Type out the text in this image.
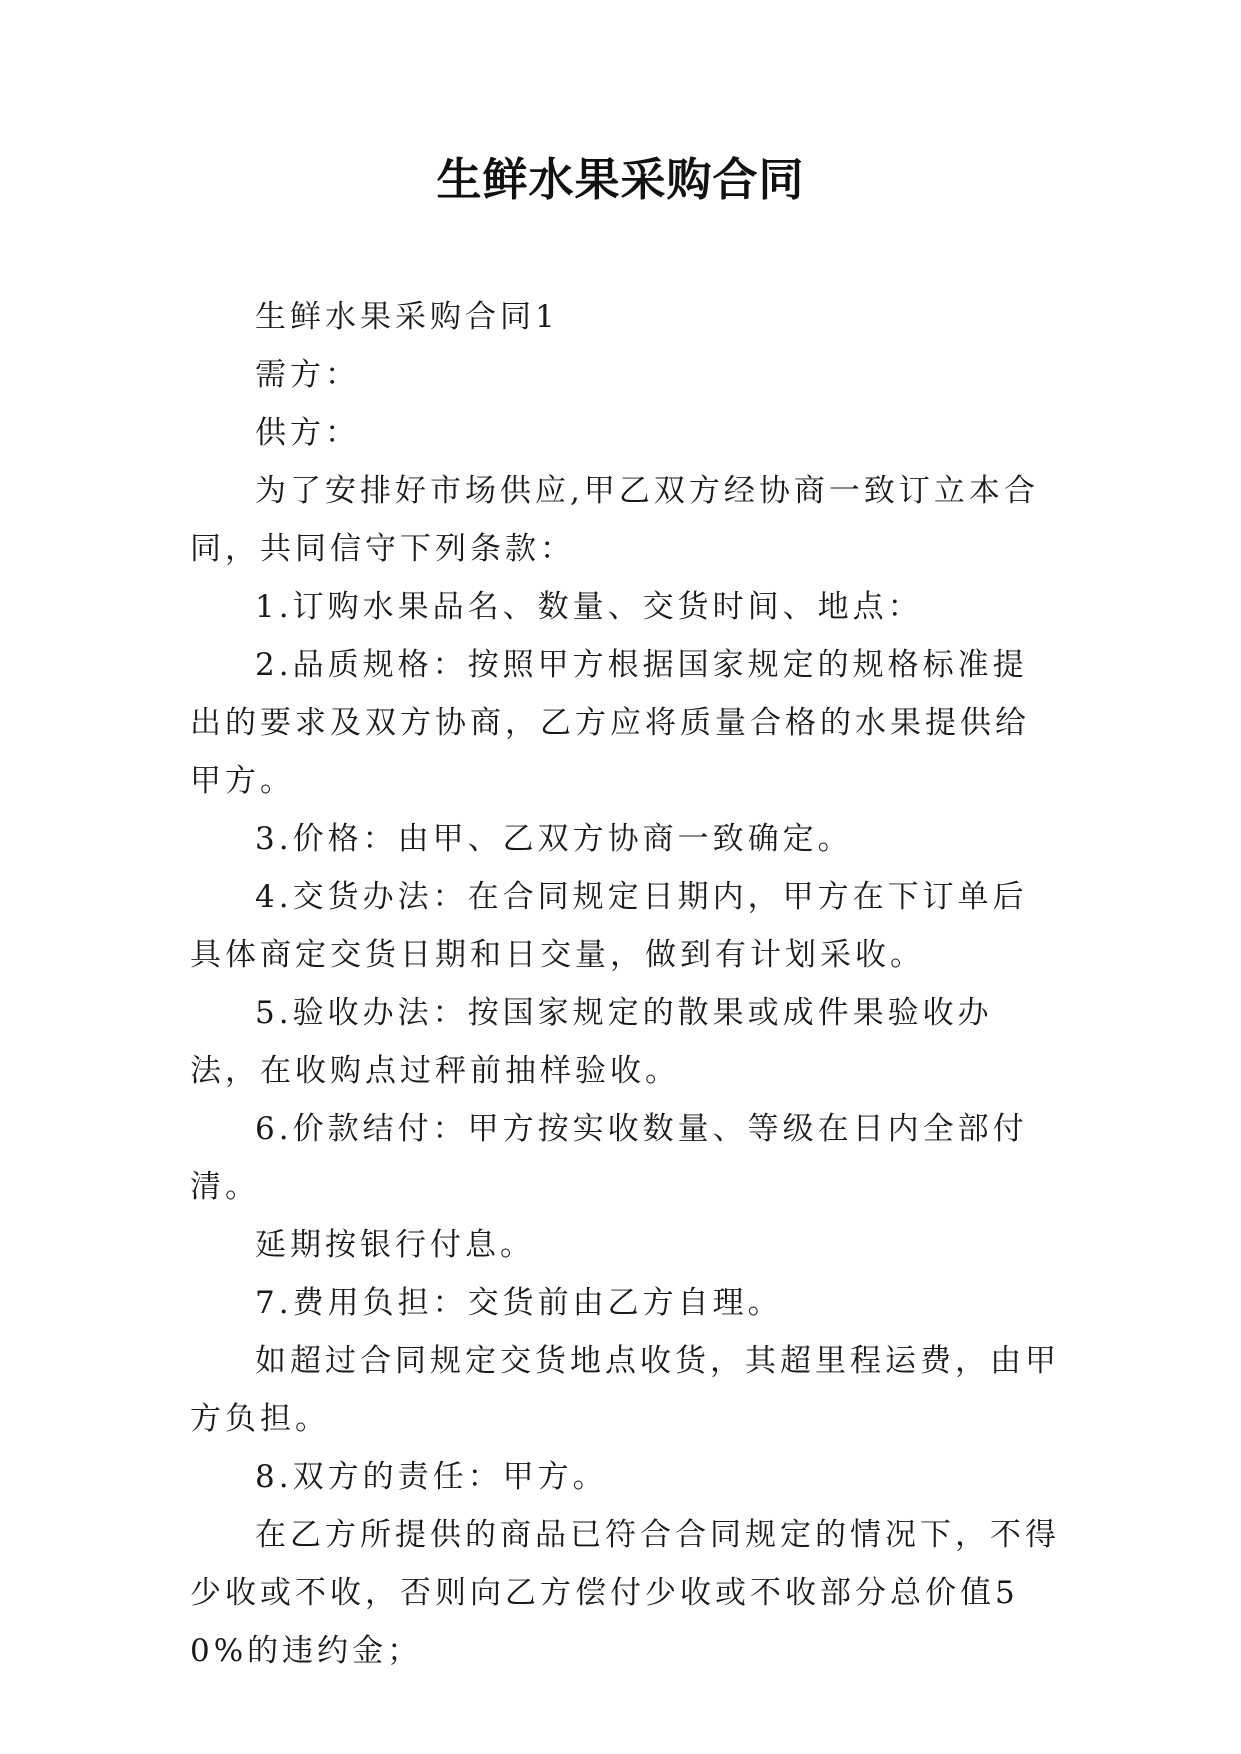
生鲜水果采购合同

生鲜水果采购合同1

需方：

供方：

为了安排好市场供应,甲乙双方经协商一致订立本合同，共同信守下列条款：

1.订购水果品名、数量、交货时间、地点：

2.品质规格：按照甲方根据国家规定的规格标准提出的要求及双方协商，乙方应将质量合格的水果提供给甲方。

3.价格：由甲、乙双方协商一致确定。

4.交货办法：在合同规定日期内，甲方在下订单后具体商定交货日期和日交量，做到有计划采收。

5.验收办法：按国家规定的散果或成件果验收办法，在收购点过秤前抽样验收。

6.价款结付：甲方按实收数量、等级在日内全部付清。

延期按银行付息。

7.费用负担：交货前由乙方自理。

如超过合同规定交货地点收货，其超里程运费，由甲方负担。

8.双方的责任：甲方。

在乙方所提供的商品已符合合同规定的情况下，不得少收或不收，否则向乙方偿付少收或不收部分总价值50%的违约金；
